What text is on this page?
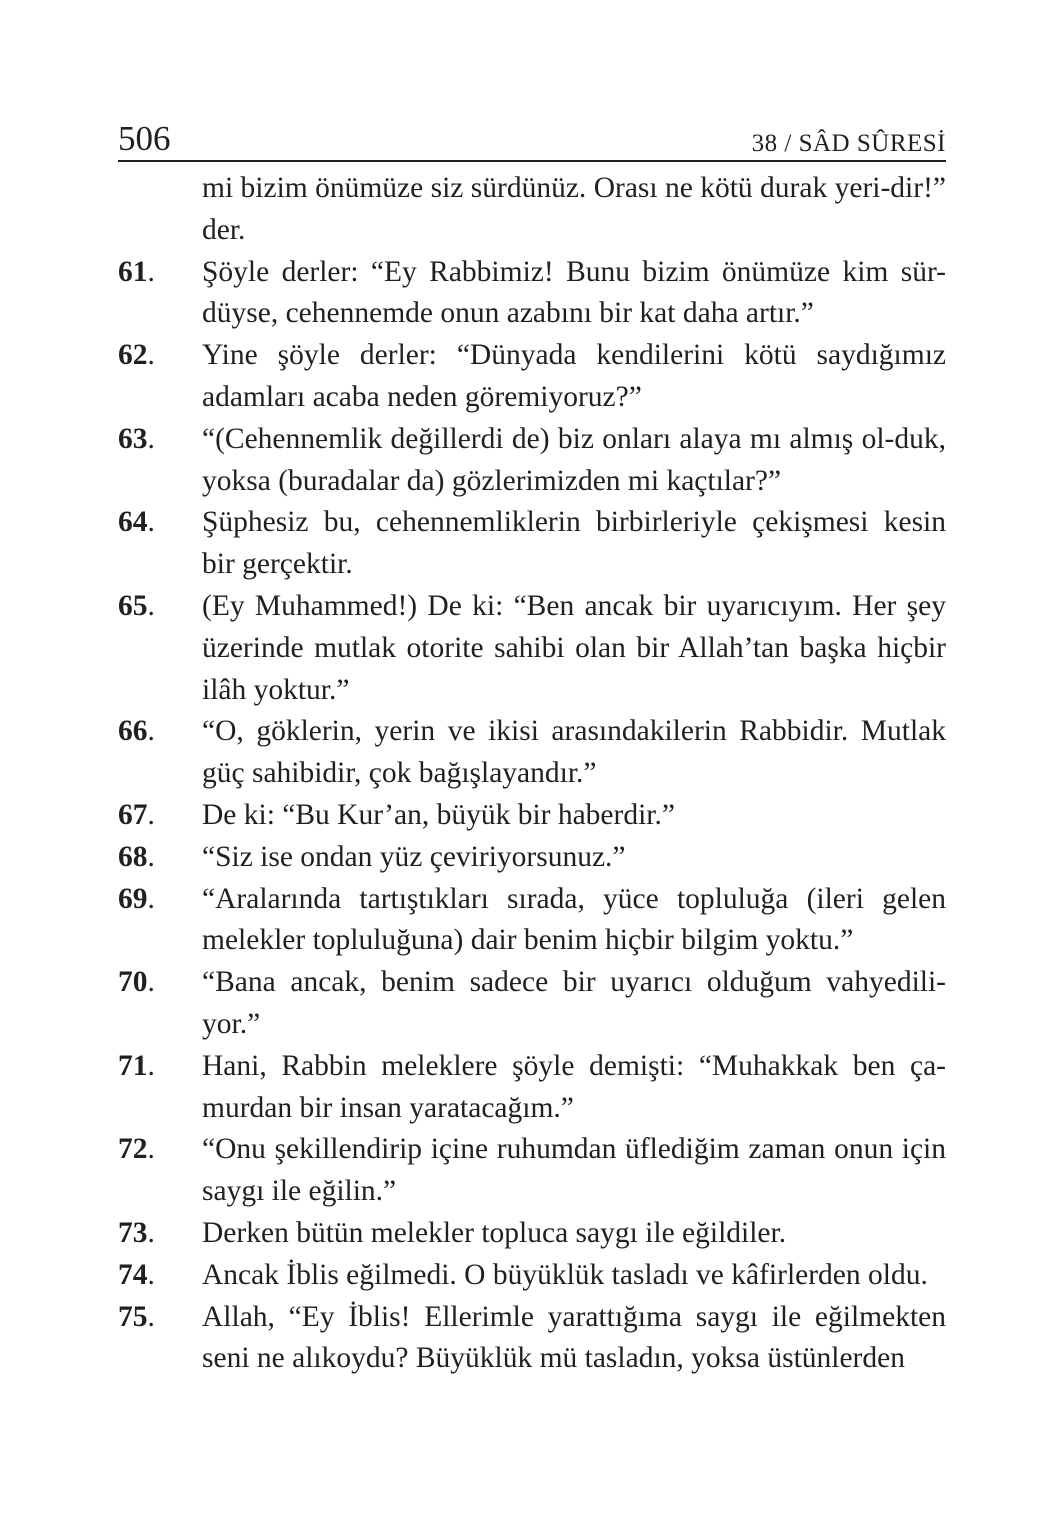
506	38 / SÂD SÛRESİ
mi bizim önümüze siz sürdünüz. Orası ne kötü durak yeri-dir!” der.
61. Şöyle derler: “Ey Rabbimiz! Bunu bizim önümüze kim sür-düyse, cehennemde onun azabını bir kat daha artır.”
62. Yine şöyle derler: “Dünyada kendilerini kötü saydığımız adamları acaba neden göremiyoruz?”
63. “(Cehennemlik değillerdi de) biz onları alaya mı almış ol-duk, yoksa (buradalar da) gözlerimizden mi kaçtılar?”
64. Şüphesiz bu, cehennemliklerin birbirleriyle çekişmesi kesin bir gerçektir.
65. (Ey Muhammed!) De ki: “Ben ancak bir uyarıcıyım. Her şey üzerinde mutlak otorite sahibi olan bir Allah’tan başka hiçbir ilâh yoktur.”
66. “O, göklerin, yerin ve ikisi arasındakilerin Rabbidir. Mutlak güç sahibidir, çok bağışlayandır.”
67. De ki: “Bu Kur’an, büyük bir haberdir.”
68. “Siz ise ondan yüz çeviriyorsunuz.”
69. “Aralarında tartıştıkları sırada, yüce topluluğa (ileri gelen melekler topluluğuna) dair benim hiçbir bilgim yoktu.”
70. “Bana ancak, benim sadece bir uyarıcı olduğum vahyedili-yor.”
71. Hani, Rabbin meleklere şöyle demişti: “Muhakkak ben ça-murdan bir insan yaratacağım.”
72. “Onu şekillendirip içine ruhumdan üflediğim zaman onun için saygı ile eğilin.”
73. Derken bütün melekler topluca saygı ile eğildiler.
74. Ancak İblis eğilmedi. O büyüklük tasladı ve kâfirlerden oldu.
75. Allah, “Ey İblis! Ellerimle yarattığıma saygı ile eğilmekten seni ne alıkoydu? Büyüklük mü tasladın, yoksa üstünlerden
